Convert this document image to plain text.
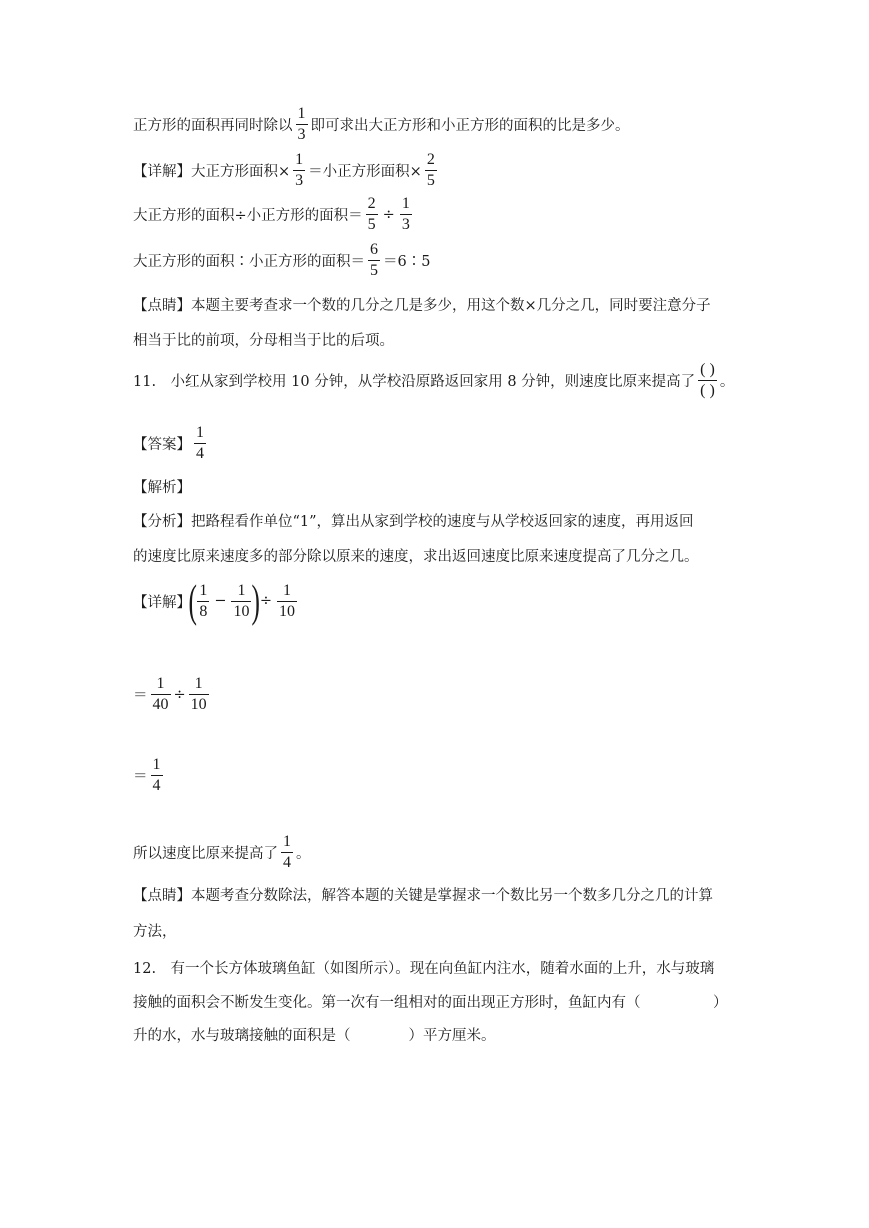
正方形的面积再同时除以 $\frac{1}{3}$ 即可求出大正方形和小正方形的面积的比是多少。
【详解】 大正方形面积× $\frac{1}{3}$ ＝小正方形面积× $\frac{2}{5}$
大正方形的面积÷小正方形的面积＝ $\frac{2}{5} \div \frac{1}{3}$
大正方形的面积∶小正方形的面积＝ $\frac{6}{5}$ ＝6∶5
【点睛】本题主要考查求一个数的几分之几是多少，用这个数×几分之几，同时要注意分子
相当于比的前项，分母相当于比的后项。
11.　小红从家到学校用 10 分钟，从学校沿原路返回家用 8 分钟，则速度比原来提高了 $\frac{( )}{( )}$ 。
【答案】 $\frac{1}{4}$
【解析】
【分析】把路程看作单位“1”，算出从家到学校的速度与从学校返回家的速度，再用返回
的速度比原来速度多的部分除以原来的速度，求出返回速度比原来速度提高了几分之几。
【详解】
( $\frac{1}{8} - \frac{1}{10}$ ) ÷ $\frac{1}{10}$
＝ $\frac{1}{40} \div \frac{1}{10}$
＝ $\frac{1}{4}$
所以速度比原来提高了 $\frac{1}{4}$ 。
【点睛】本题考查分数除法，解答本题的关键是掌握求一个数比另一个数多几分之几的计算
方法，
12.　有一个长方体玻璃鱼缸（如图所示）。现在向鱼缸内注水，随着水面的上升，水与玻璃
接触的面积会不断发生变化。第一次有一组相对的面出现正方形时，鱼缸内有（　　　　　）
升的水，水与玻璃接触的面积是（　　　　）平方厘米。
